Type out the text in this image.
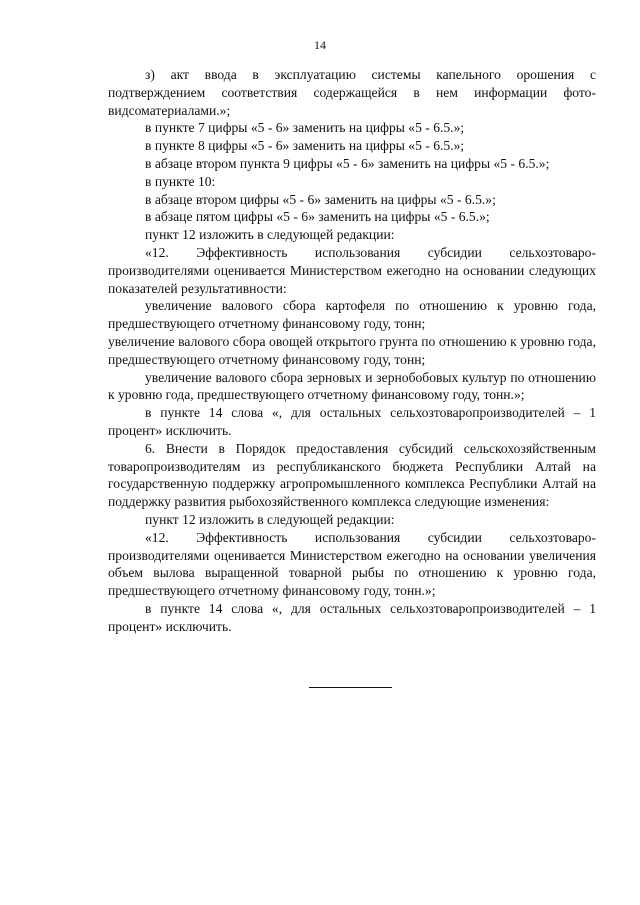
14

з) акт ввода в эксплуатацию системы капельного орошения с подтверждением соответствия содержащейся в нем информации фото-видсоматериалами.»;

в пункте 7 цифры «5 - 6» заменить на цифры «5 - 6.5.»;

в пункте 8 цифры «5 - 6» заменить на цифры «5 - 6.5.»;

в абзаце втором пункта 9 цифры «5 - 6» заменить на цифры «5 - 6.5.»;

в пункте 10:

в абзаце втором цифры «5 - 6» заменить на цифры «5 - 6.5.»;

в абзаце пятом цифры «5 - 6» заменить на цифры «5 - 6.5.»;

пункт 12 изложить в следующей редакции:

«12. Эффективность использования субсидии сельхозтоваро-производителями оценивается Министерством ежегодно на основании следующих показателей результативности:

увеличение валового сбора картофеля по отношению к уровню года, предшествующего отчетному финансовому году, тонн;

увеличение валового сбора овощей открытого грунта по отношению к уровню года, предшествующего отчетному финансовому году, тонн;

увеличение валового сбора зерновых и зернобобовых культур по отношению к уровню года, предшествующего отчетному финансовому году, тонн.»;

в пункте 14 слова «, для остальных сельхозтоваропроизводителей – 1 процент» исключить.

6. Внести в Порядок предоставления субсидий сельскохозяйственным товаропроизводителям из республиканского бюджета Республики Алтай на государственную поддержку агропромышленного комплекса Республики Алтай на поддержку развития рыбохозяйственного комплекса следующие изменения:

пункт 12 изложить в следующей редакции:

«12. Эффективность использования субсидии сельхозтоваро-производителями оценивается Министерством ежегодно на основании увеличения объем вылова выращенной товарной рыбы по отношению к уровню года, предшествующего отчетному финансовому году, тонн.»;

в пункте 14 слова «, для остальных сельхозтоваропроизводителей – 1 процент» исключить.
